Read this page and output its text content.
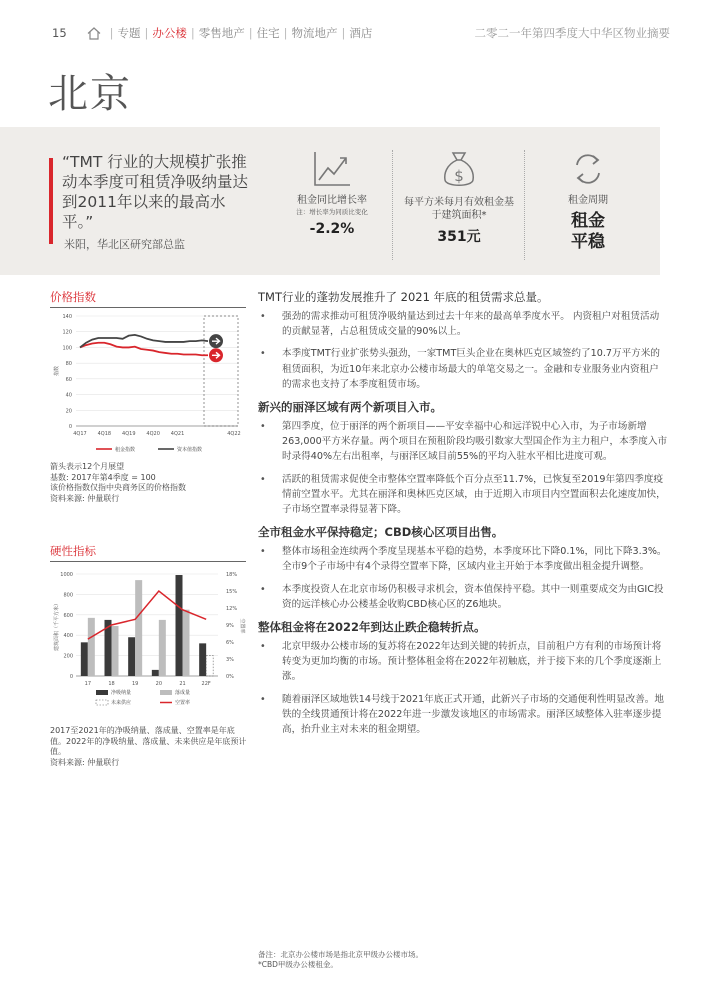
15	| 专题 | 办公楼 | 零售地产 | 住宅 | 物流地产 | 酒店	二零二一年第四季度大中华区物业摘要
北京
“TMT 行业的大规模扩张推动本季度可租赁净吸纳量达到2011年以来的最高水平。”
米阳，华北区研究部总监
租金同比增长率
注：增长率为同质比变化
-2.2%
$
每平方米每月有效租金基于建筑面积*
351元
租金周期
租金平稳
价格指数
0
20
40
60
80
100
120
140
指数
4Q17 4Q18 4Q19 4Q20 4Q21	4Q22
租金指数	资本值指数
箭头表示12个月展望
基数: 2017年第4季度 = 100
该价格指数仅指中央商务区的价格指数
资料来源: 仲量联行
硬性指标
0
200
400
600
800
1000
0%
3%
6%
9%
12%
15%
18%
建筑面积（千平方米）	空置率
17	18	19	20	21	22F
净吸纳量	落成量
未来供应	空置率
2017至2021年的净吸纳量、落成量、空置率是年底值。2022年的净吸纳量、落成量、未来供应是年底预计值。
资料来源: 仲量联行
TMT行业的蓬勃发展推升了 2021 年底的租赁需求总量。
• 强劲的需求推动可租赁净吸纳量达到过去十年来的最高单季度水平。 内资租户对租赁活动的贡献显著，占总租赁成交量的90%以上。
• 本季度TMT行业扩张势头强劲，一家TMT巨头企业在奥林匹克区域签约了10.7万平方米的租赁面积，为近10年来北京办公楼市场最大的单笔交易之一。金融和专业服务业内资租户的需求也支持了本季度租赁市场。
新兴的丽泽区域有两个新项目入市。
• 第四季度，位于丽泽的两个新项目——平安幸福中心和远洋锐中心入市，为子市场新增263,000平方米存量。两个项目在预租阶段均吸引数家大型国企作为主力租户，本季度入市时录得40%左右出租率，与丽泽区域目前55%的平均入驻水平相比进度可观。
• 活跃的租赁需求促使全市整体空置率降低个百分点至11.7%，已恢复至2019年第四季度疫情前空置水平。尤其在丽泽和奥林匹克区域，由于近期入市项目内空置面积去化速度加快，子市场空置率录得显著下降。
全市租金水平保持稳定；CBD核心区项目出售。
• 整体市场租金连续两个季度呈现基本平稳的趋势，本季度环比下降0.1%，同比下降3.3%。全市9个子市场中有4个录得空置率下降，区域内业主开始于本季度做出租金提升调整。
• 本季度投资人在北京市场仍积极寻求机会，资本值保持平稳。其中一则重要成交为由GIC投资的远洋核心办公楼基金收购CBD核心区的Z6地块。
整体租金将在2022年到达止跌企稳转折点。
• 北京甲级办公楼市场的复苏将在2022年达到关键的转折点，目前租户方有利的市场预计将转变为更加均衡的市场。预计整体租金将在2022年初触底，并于接下来的几个季度逐渐上涨。
• 随着丽泽区域地铁14号线于2021年底正式开通，此新兴子市场的交通便利性明显改善。地铁的全线贯通预计将在2022年进一步激发该地区的市场需求。丽泽区域整体入驻率逐步提高，抬升业主对未来的租金期望。
备注：北京办公楼市场是指北京甲级办公楼市场。
*CBD甲级办公楼租金。
